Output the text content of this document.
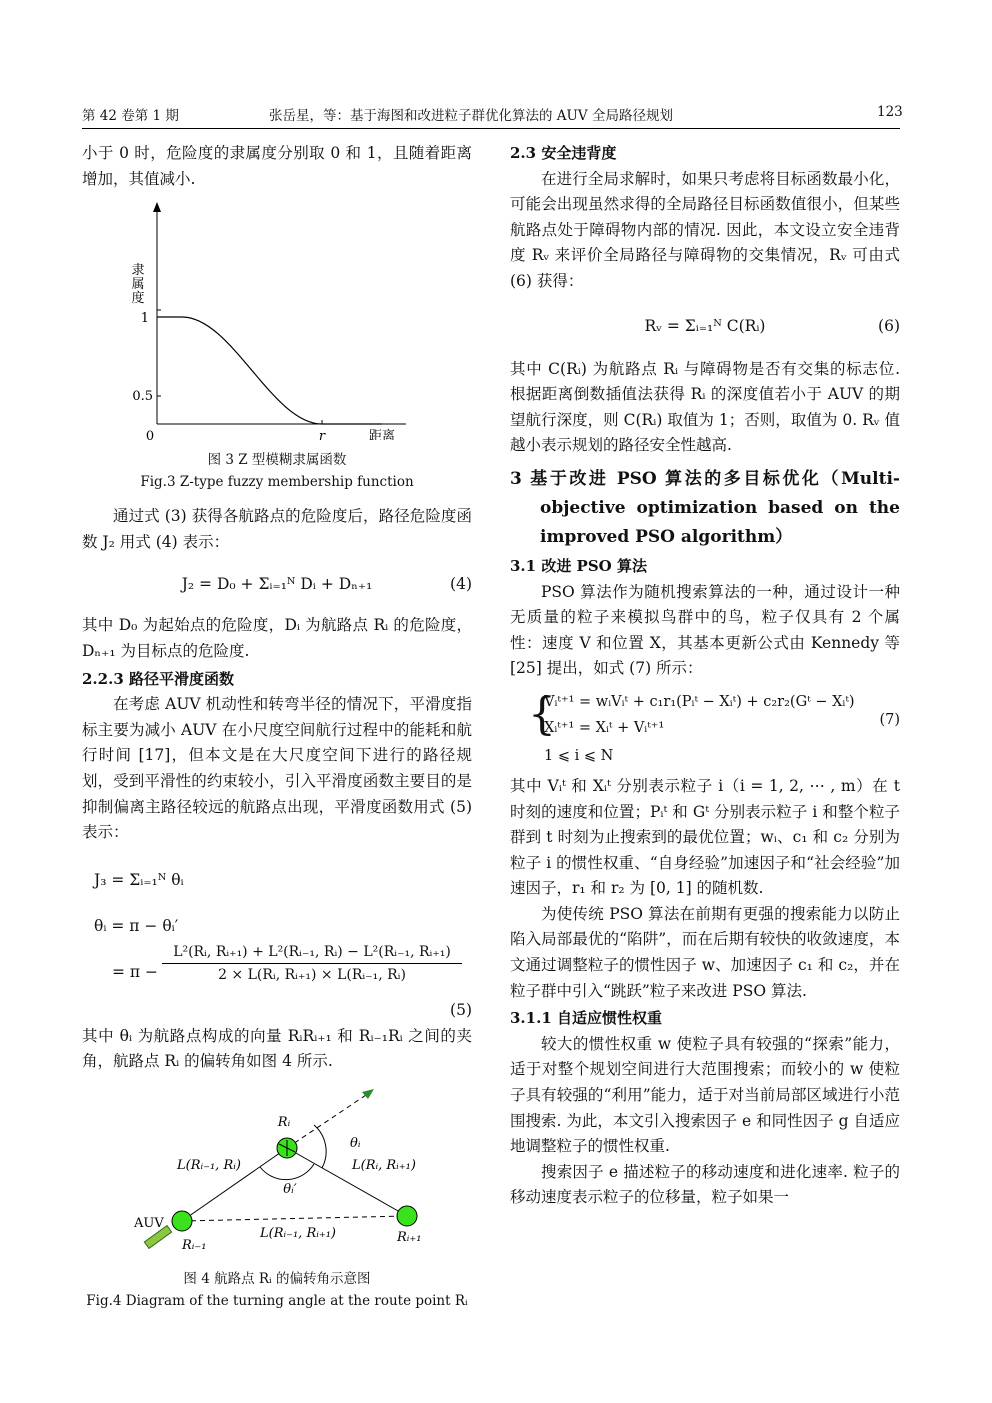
第 42 卷第 1 期	张岳星，等：基于海图和改进粒子群优化算法的 AUV 全局路径规划	123

小于 0 时，危险度的隶属度分别取 0 和 1，且随着距离增加，其值减小.

隶
属
度
1
0.5
0	r	距离
图 3 Z 型模糊隶属函数
Fig.3 Z-type fuzzy membership function

通过式 (3) 获得各航路点的危险度后，路径危险度函数 J₂ 用式 (4) 表示：

J₂ = D₀ + Σᵢ₌₁ᴺ Dᵢ + Dₙ₊₁	(4)

其中 D₀ 为起始点的危险度，Dᵢ 为航路点 Rᵢ 的危险度，Dₙ₊₁ 为目标点的危险度.

2.2.3 路径平滑度函数

在考虑 AUV 机动性和转弯半径的情况下，平滑度指标主要为减小 AUV 在小尺度空间航行过程中的能耗和航行时间 [17]，但本文是在大尺度空间下进行的路径规划，受到平滑性的约束较小，引入平滑度函数主要目的是抑制偏离主路径较远的航路点出现，平滑度函数用式 (5) 表示：

J₃ = Σᵢ₌₁ᴺ θᵢ
θᵢ = π − θᵢ′
= π −
L²(Rᵢ, Rᵢ₊₁) + L²(Rᵢ₋₁, Rᵢ) − L²(Rᵢ₋₁, Rᵢ₊₁)
2 × L(Rᵢ, Rᵢ₊₁) × L(Rᵢ₋₁, Rᵢ)
(5)

其中 θᵢ 为航路点构成的向量 RᵢRᵢ₊₁ 和 Rᵢ₋₁Rᵢ 之间的夹角，航路点 Rᵢ 的偏转角如图 4 所示.

Rᵢ
θᵢ
θᵢ′
L(Rᵢ₋₁, Rᵢ)	L(Rᵢ, Rᵢ₊₁)
L(Rᵢ₋₁, Rᵢ₊₁)
AUV
Rᵢ₋₁
Rᵢ₊₁
图 4 航路点 Rᵢ 的偏转角示意图
Fig.4 Diagram of the turning angle at the route point Rᵢ

2.3 安全违背度

在进行全局求解时，如果只考虑将目标函数最小化，可能会出现虽然求得的全局路径目标函数值很小，但某些航路点处于障碍物内部的情况. 因此，本文设立安全违背度 Rᵥ 来评价全局路径与障碍物的交集情况，Rᵥ 可由式 (6) 获得：

Rᵥ = Σᵢ₌₁ᴺ C(Rᵢ)	(6)

其中 C(Rᵢ) 为航路点 Rᵢ 与障碍物是否有交集的标志位. 根据距离倒数插值法获得 Rᵢ 的深度值若小于 AUV 的期望航行深度，则 C(Rᵢ) 取值为 1；否则，取值为 0. Rᵥ 值越小表示规划的路径安全性越高.

3 基于改进 PSO 算法的多目标优化（Multi-objective optimization based on the improved PSO algorithm）

3.1 改进 PSO 算法

PSO 算法作为随机搜索算法的一种，通过设计一种无质量的粒子来模拟鸟群中的鸟，粒子仅具有 2 个属性：速度 V 和位置 X，其基本更新公式由 Kennedy 等 [25] 提出，如式 (7) 所示：

{
Vᵢᵗ⁺¹ = wᵢVᵢᵗ + c₁r₁(Pᵢᵗ − Xᵢᵗ) + c₂r₂(Gᵗ − Xᵢᵗ)
Xᵢᵗ⁺¹ = Xᵢᵗ + Vᵢᵗ⁺¹
1 ⩽ i ⩽ N
(7)

其中 Vᵢᵗ 和 Xᵢᵗ 分别表示粒子 i（i = 1, 2, ⋯ , m）在 t 时刻的速度和位置；Pᵢᵗ 和 Gᵗ 分别表示粒子 i 和整个粒子群到 t 时刻为止搜索到的最优位置；wᵢ、c₁ 和 c₂ 分别为粒子 i 的惯性权重、“自身经验”加速因子和“社会经验”加速因子，r₁ 和 r₂ 为 [0, 1] 的随机数.

为使传统 PSO 算法在前期有更强的搜索能力以防止陷入局部最优的“陷阱”，而在后期有较快的收敛速度，本文通过调整粒子的惯性因子 w、加速因子 c₁ 和 c₂，并在粒子群中引入“跳跃”粒子来改进 PSO 算法.

3.1.1 自适应惯性权重

较大的惯性权重 w 使粒子具有较强的“探索”能力，适于对整个规划空间进行大范围搜索；而较小的 w 使粒子具有较强的“利用”能力，适于对当前局部区域进行小范围搜索. 为此，本文引入搜索因子 e 和同性因子 g 自适应地调整粒子的惯性权重.

搜索因子 e 描述粒子的移动速度和进化速率. 粒子的移动速度表示粒子的位移量，粒子如果一
